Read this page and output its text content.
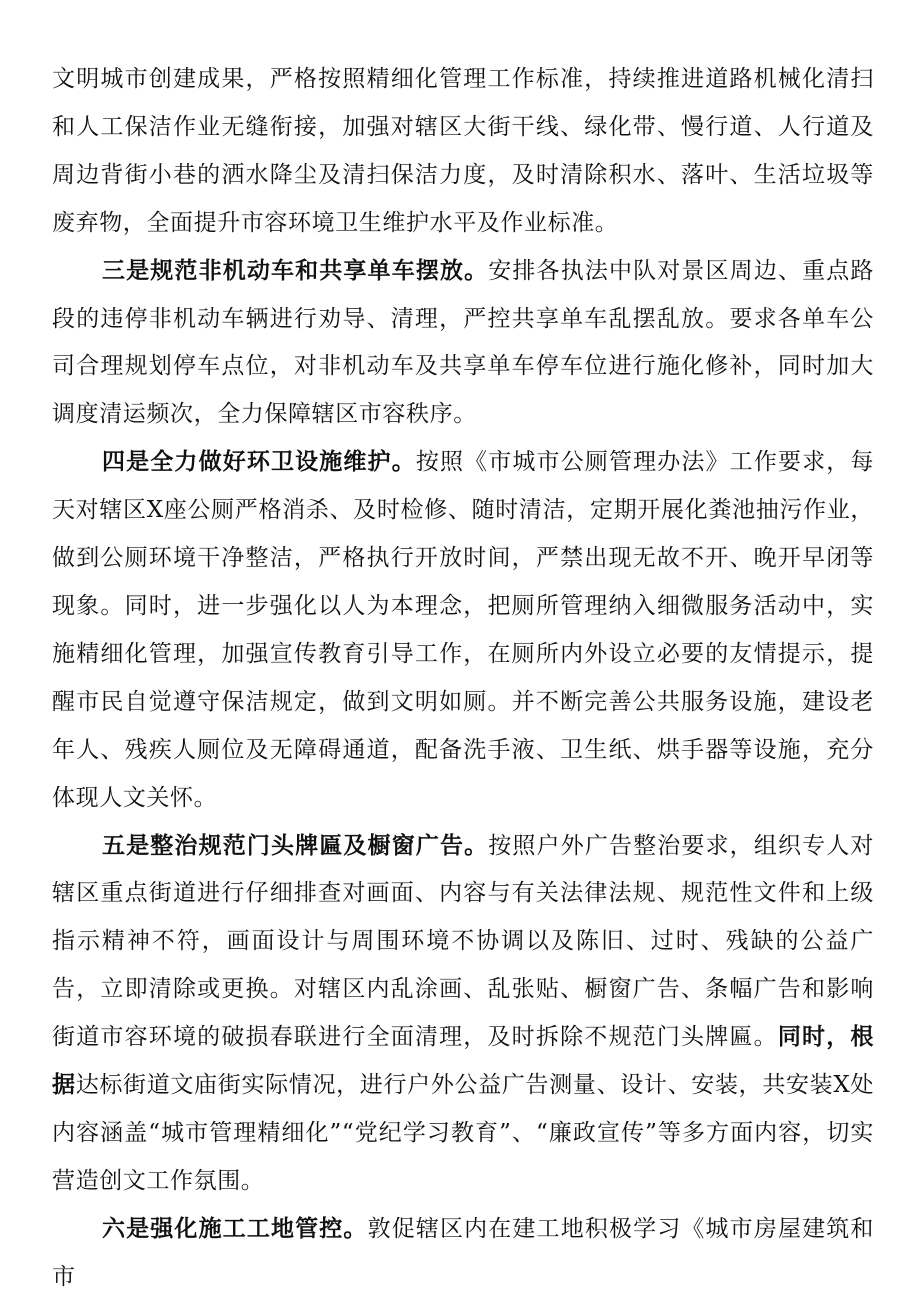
文明城市创建成果，严格按照精细化管理工作标准，持续推进道路机械化清扫和人工保洁作业无缝衔接，加强对辖区大街干线、绿化带、慢行道、人行道及周边背街小巷的洒水降尘及清扫保洁力度，及时清除积水、落叶、生活垃圾等废弃物，全面提升市容环境卫生维护水平及作业标准。

三是规范非机动车和共享单车摆放。安排各执法中队对景区周边、重点路段的违停非机动车辆进行劝导、清理，严控共享单车乱摆乱放。要求各单车公司合理规划停车点位，对非机动车及共享单车停车位进行施化修补，同时加大调度清运频次，全力保障辖区市容秩序。

四是全力做好环卫设施维护。按照《市城市公厕管理办法》工作要求，每天对辖区X座公厕严格消杀、及时检修、随时清洁，定期开展化粪池抽污作业，做到公厕环境干净整洁，严格执行开放时间，严禁出现无故不开、晚开早闭等现象。同时，进一步强化以人为本理念，把厕所管理纳入细微服务活动中，实施精细化管理，加强宣传教育引导工作，在厕所内外设立必要的友情提示，提醒市民自觉遵守保洁规定，做到文明如厕。并不断完善公共服务设施，建设老年人、残疾人厕位及无障碍通道，配备洗手液、卫生纸、烘手器等设施，充分体现人文关怀。

五是整治规范门头牌匾及橱窗广告。按照户外广告整治要求，组织专人对辖区重点街道进行仔细排查对画面、内容与有关法律法规、规范性文件和上级指示精神不符，画面设计与周围环境不协调以及陈旧、过时、残缺的公益广告，立即清除或更换。对辖区内乱涂画、乱张贴、橱窗广告、条幅广告和影响街道市容环境的破损春联进行全面清理，及时拆除不规范门头牌匾。同时，根据达标街道文庙街实际情况，进行户外公益广告测量、设计、安装，共安装X处内容涵盖“城市管理精细化”“党纪学习教育”、“廉政宣传”等多方面内容，切实营造创文工作氛围。

六是强化施工工地管控。敦促辖区内在建工地积极学习《城市房屋建筑和市
